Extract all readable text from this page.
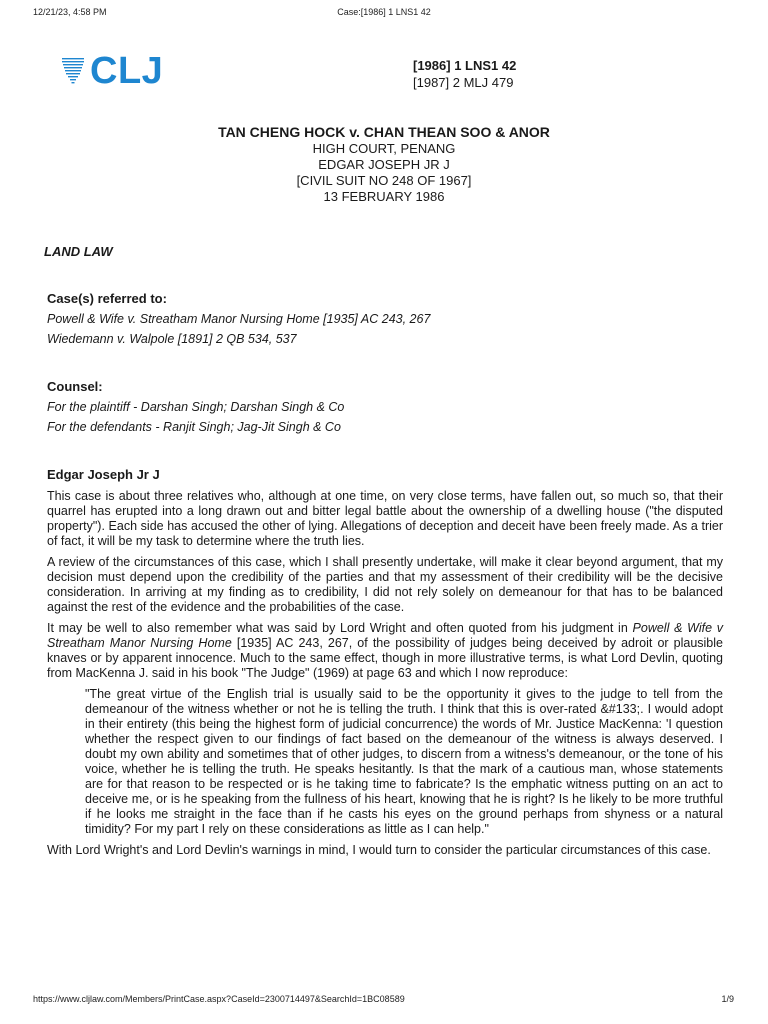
12/21/23, 4:58 PM	Case:[1986] 1 LNS1 42
CLJ	[1986] 1 LNS1 42
[1987] 2 MLJ 479
TAN CHENG HOCK v. CHAN THEAN SOO & ANOR
HIGH COURT, PENANG
EDGAR JOSEPH JR J
[CIVIL SUIT NO 248 OF 1967]
13 FEBRUARY 1986

LAND LAW

Case(s) referred to:

Powell & Wife v. Streatham Manor Nursing Home [1935] AC 243, 267

Wiedemann v. Walpole [1891] 2 QB 534, 537

Counsel:

For the plaintiff - Darshan Singh; Darshan Singh & Co

For the defendants - Ranjit Singh; Jag-Jit Singh & Co

Edgar Joseph Jr J

This case is about three relatives who, although at one time, on very close terms, have fallen out, so much so, that their quarrel has erupted into a long drawn out and bitter legal battle about the ownership of a dwelling house ("the disputed property"). Each side has accused the other of lying. Allegations of deception and deceit have been freely made. As a trier of fact, it will be my task to determine where the truth lies.

A review of the circumstances of this case, which I shall presently undertake, will make it clear beyond argument, that my decision must depend upon the credibility of the parties and that my assessment of their credibility will be the decisive consideration. In arriving at my finding as to credibility, I did not rely solely on demeanour for that has to be balanced against the rest of the evidence and the probabilities of the case.

It may be well to also remember what was said by Lord Wright and often quoted from his judgment in Powell & Wife v Streatham Manor Nursing Home [1935] AC 243, 267, of the possibility of judges being deceived by adroit or plausible knaves or by apparent innocence. Much to the same effect, though in more illustrative terms, is what Lord Devlin, quoting from MacKenna J. said in his book "The Judge" (1969) at page 63 and which I now reproduce:

"The great virtue of the English trial is usually said to be the opportunity it gives to the judge to tell from the demeanour of the witness whether or not he is telling the truth. I think that this is over-rated &#133;. I would adopt in their entirety (this being the highest form of judicial concurrence) the words of Mr. Justice MacKenna: 'I question whether the respect given to our findings of fact based on the demeanour of the witness is always deserved. I doubt my own ability and sometimes that of other judges, to discern from a witness's demeanour, or the tone of his voice, whether he is telling the truth. He speaks hesitantly. Is that the mark of a cautious man, whose statements are for that reason to be respected or is he taking time to fabricate? Is the emphatic witness putting on an act to deceive me, or is he speaking from the fullness of his heart, knowing that he is right? Is he likely to be more truthful if he looks me straight in the face than if he casts his eyes on the ground perhaps from shyness or a natural timidity? For my part I rely on these considerations as little as I can help."

With Lord Wright's and Lord Devlin's warnings in mind, I would turn to consider the particular circumstances of this case.

https://www.cljlaw.com/Members/PrintCase.aspx?CaseId=2300714497&SearchId=1BC08589	1/9
